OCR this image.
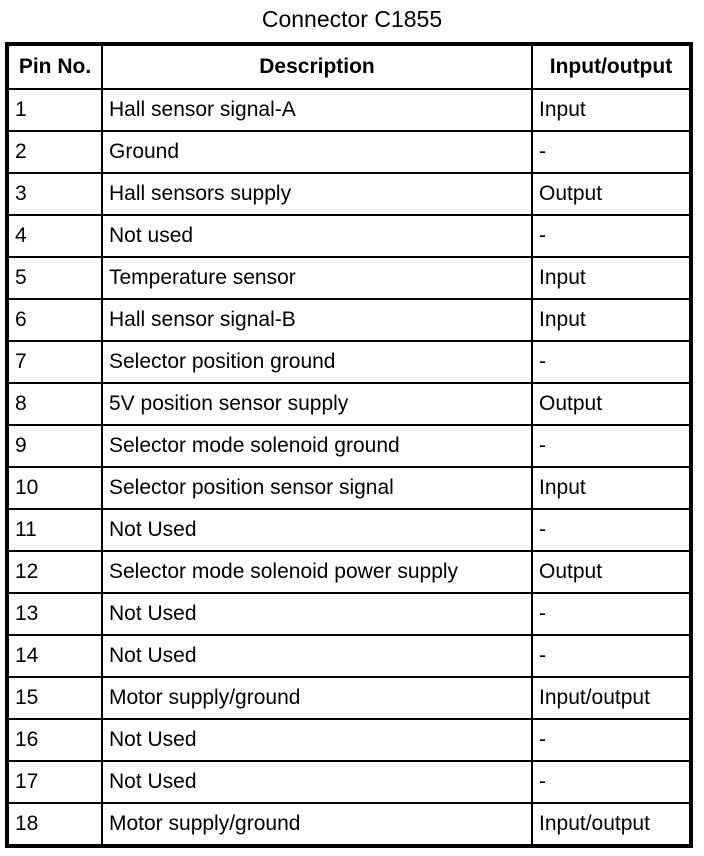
Connector C1855
Pin No.	Description	Input/output
1	Hall sensor signal-A	Input
2	Ground	-
3	Hall sensors supply	Output
4	Not used	-
5	Temperature sensor	Input
6	Hall sensor signal-B	Input
7	Selector position ground	-
8	5V position sensor supply	Output
9	Selector mode solenoid ground	-
10	Selector position sensor signal	Input
11	Not Used	-
12	Selector mode solenoid power supply	Output
13	Not Used	-
14	Not Used	-
15	Motor supply/ground	Input/output
16	Not Used	-
17	Not Used	-
18	Motor supply/ground	Input/output
